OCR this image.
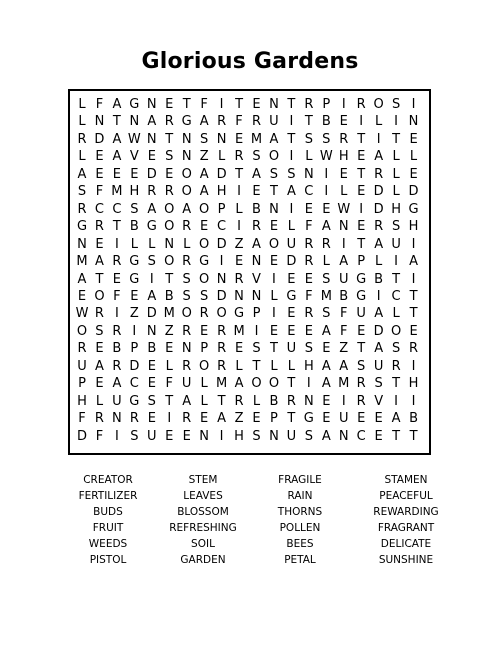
Glorious Gardens
L F A G N E T F I T E N T R P I R O S I
L N T N A R G A R F R U I T B E I L I N
R D A W N T N S N E M A T S S R T I T E
L E A V E S N Z L R S O I L W H E A L L
A E E E D E O A D T A S S N I E T R L E
S F M H R R O A H I E T A C I L E D L D
R C C S A O A O P L B N I E E W I D H G
G R T B G O R E C I R E L F A N E R S H
N E I L L N L O D Z A O U R R I T A U I
M A R G S O R G I E N E D R L A P L I A
A T E G I T S O N R V I E E S U G B T I
E O F E A B S S D N N L G F M B G I C T
W R I Z D M O R O G P I E R S F U A L T
O S R I N Z R E R M I E E E A F E D O E
R E B P B E N P R E S T U S E Z T A S R
U A R D E L R O R L T L L H A A S U R I
P E A C E F U L M A O O T I A M R S T H
H L U G S T A L T R L B R N E I R V I	I
F R N R E I R E A Z E P T G E U E E A B
D F I S U E E N I H S N U S A N C E T T
CREATOR
FERTILIZER
BUDS
FRUIT
WEEDS
PISTOL
STEM
LEAVES
BLOSSOM
REFRESHING
SOIL
GARDEN
FRAGILE
RAIN
THORNS
POLLEN
BEES
PETAL
STAMEN
PEACEFUL
REWARDING
FRAGRANT
DELICATE
SUNSHINE
